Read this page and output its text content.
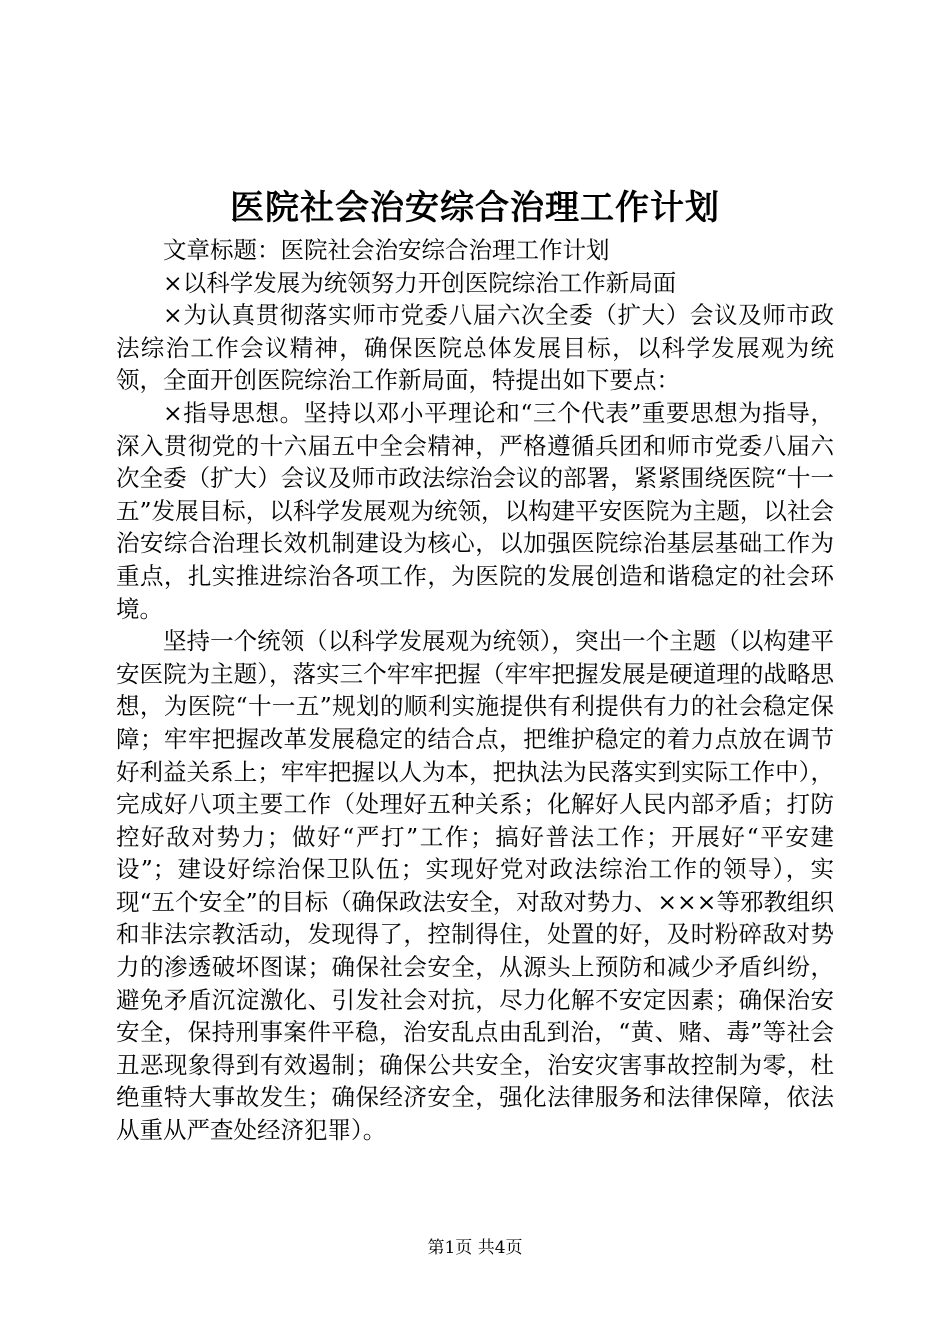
医院社会治安综合治理工作计划

文章标题：医院社会治安综合治理工作计划

×以科学发展为统领努力开创医院综治工作新局面

×为认真贯彻落实师市党委八届六次全委（扩大）会议及师市政法综治工作会议精神，确保医院总体发展目标，以科学发展观为统领，全面开创医院综治工作新局面，特提出如下要点：

×指导思想。坚持以邓小平理论和“三个代表”重要思想为指导，深入贯彻党的十六届五中全会精神，严格遵循兵团和师市党委八届六次全委（扩大）会议及师市政法综治会议的部署，紧紧围绕医院“十一五”发展目标，以科学发展观为统领，以构建平安医院为主题，以社会治安综合治理长效机制建设为核心，以加强医院综治基层基础工作为重点，扎实推进综治各项工作，为医院的发展创造和谐稳定的社会环境。

坚持一个统领（以科学发展观为统领），突出一个主题（以构建平安医院为主题），落实三个牢牢把握（牢牢把握发展是硬道理的战略思想，为医院“十一五”规划的顺利实施提供有利提供有力的社会稳定保障；牢牢把握改革发展稳定的结合点，把维护稳定的着力点放在调节好利益关系上；牢牢把握以人为本，把执法为民落实到实际工作中），完成好八项主要工作（处理好五种关系；化解好人民内部矛盾；打防控好敌对势力；做好“严打”工作；搞好普法工作；开展好“平安建设”；建设好综治保卫队伍；实现好党对政法综治工作的领导），实现“五个安全”的目标（确保政法安全，对敌对势力、×××等邪教组织和非法宗教活动，发现得了，控制得住，处置的好，及时粉碎敌对势力的渗透破坏图谋；确保社会安全，从源头上预防和减少矛盾纠纷，避免矛盾沉淀激化、引发社会对抗，尽力化解不安定因素；确保治安安全，保持刑事案件平稳，治安乱点由乱到治，“黄、赌、毒”等社会丑恶现象得到有效遏制；确保公共安全，治安灾害事故控制为零，杜绝重特大事故发生；确保经济安全，强化法律服务和法律保障，依法从重从严查处经济犯罪）。

第1页 共4页
